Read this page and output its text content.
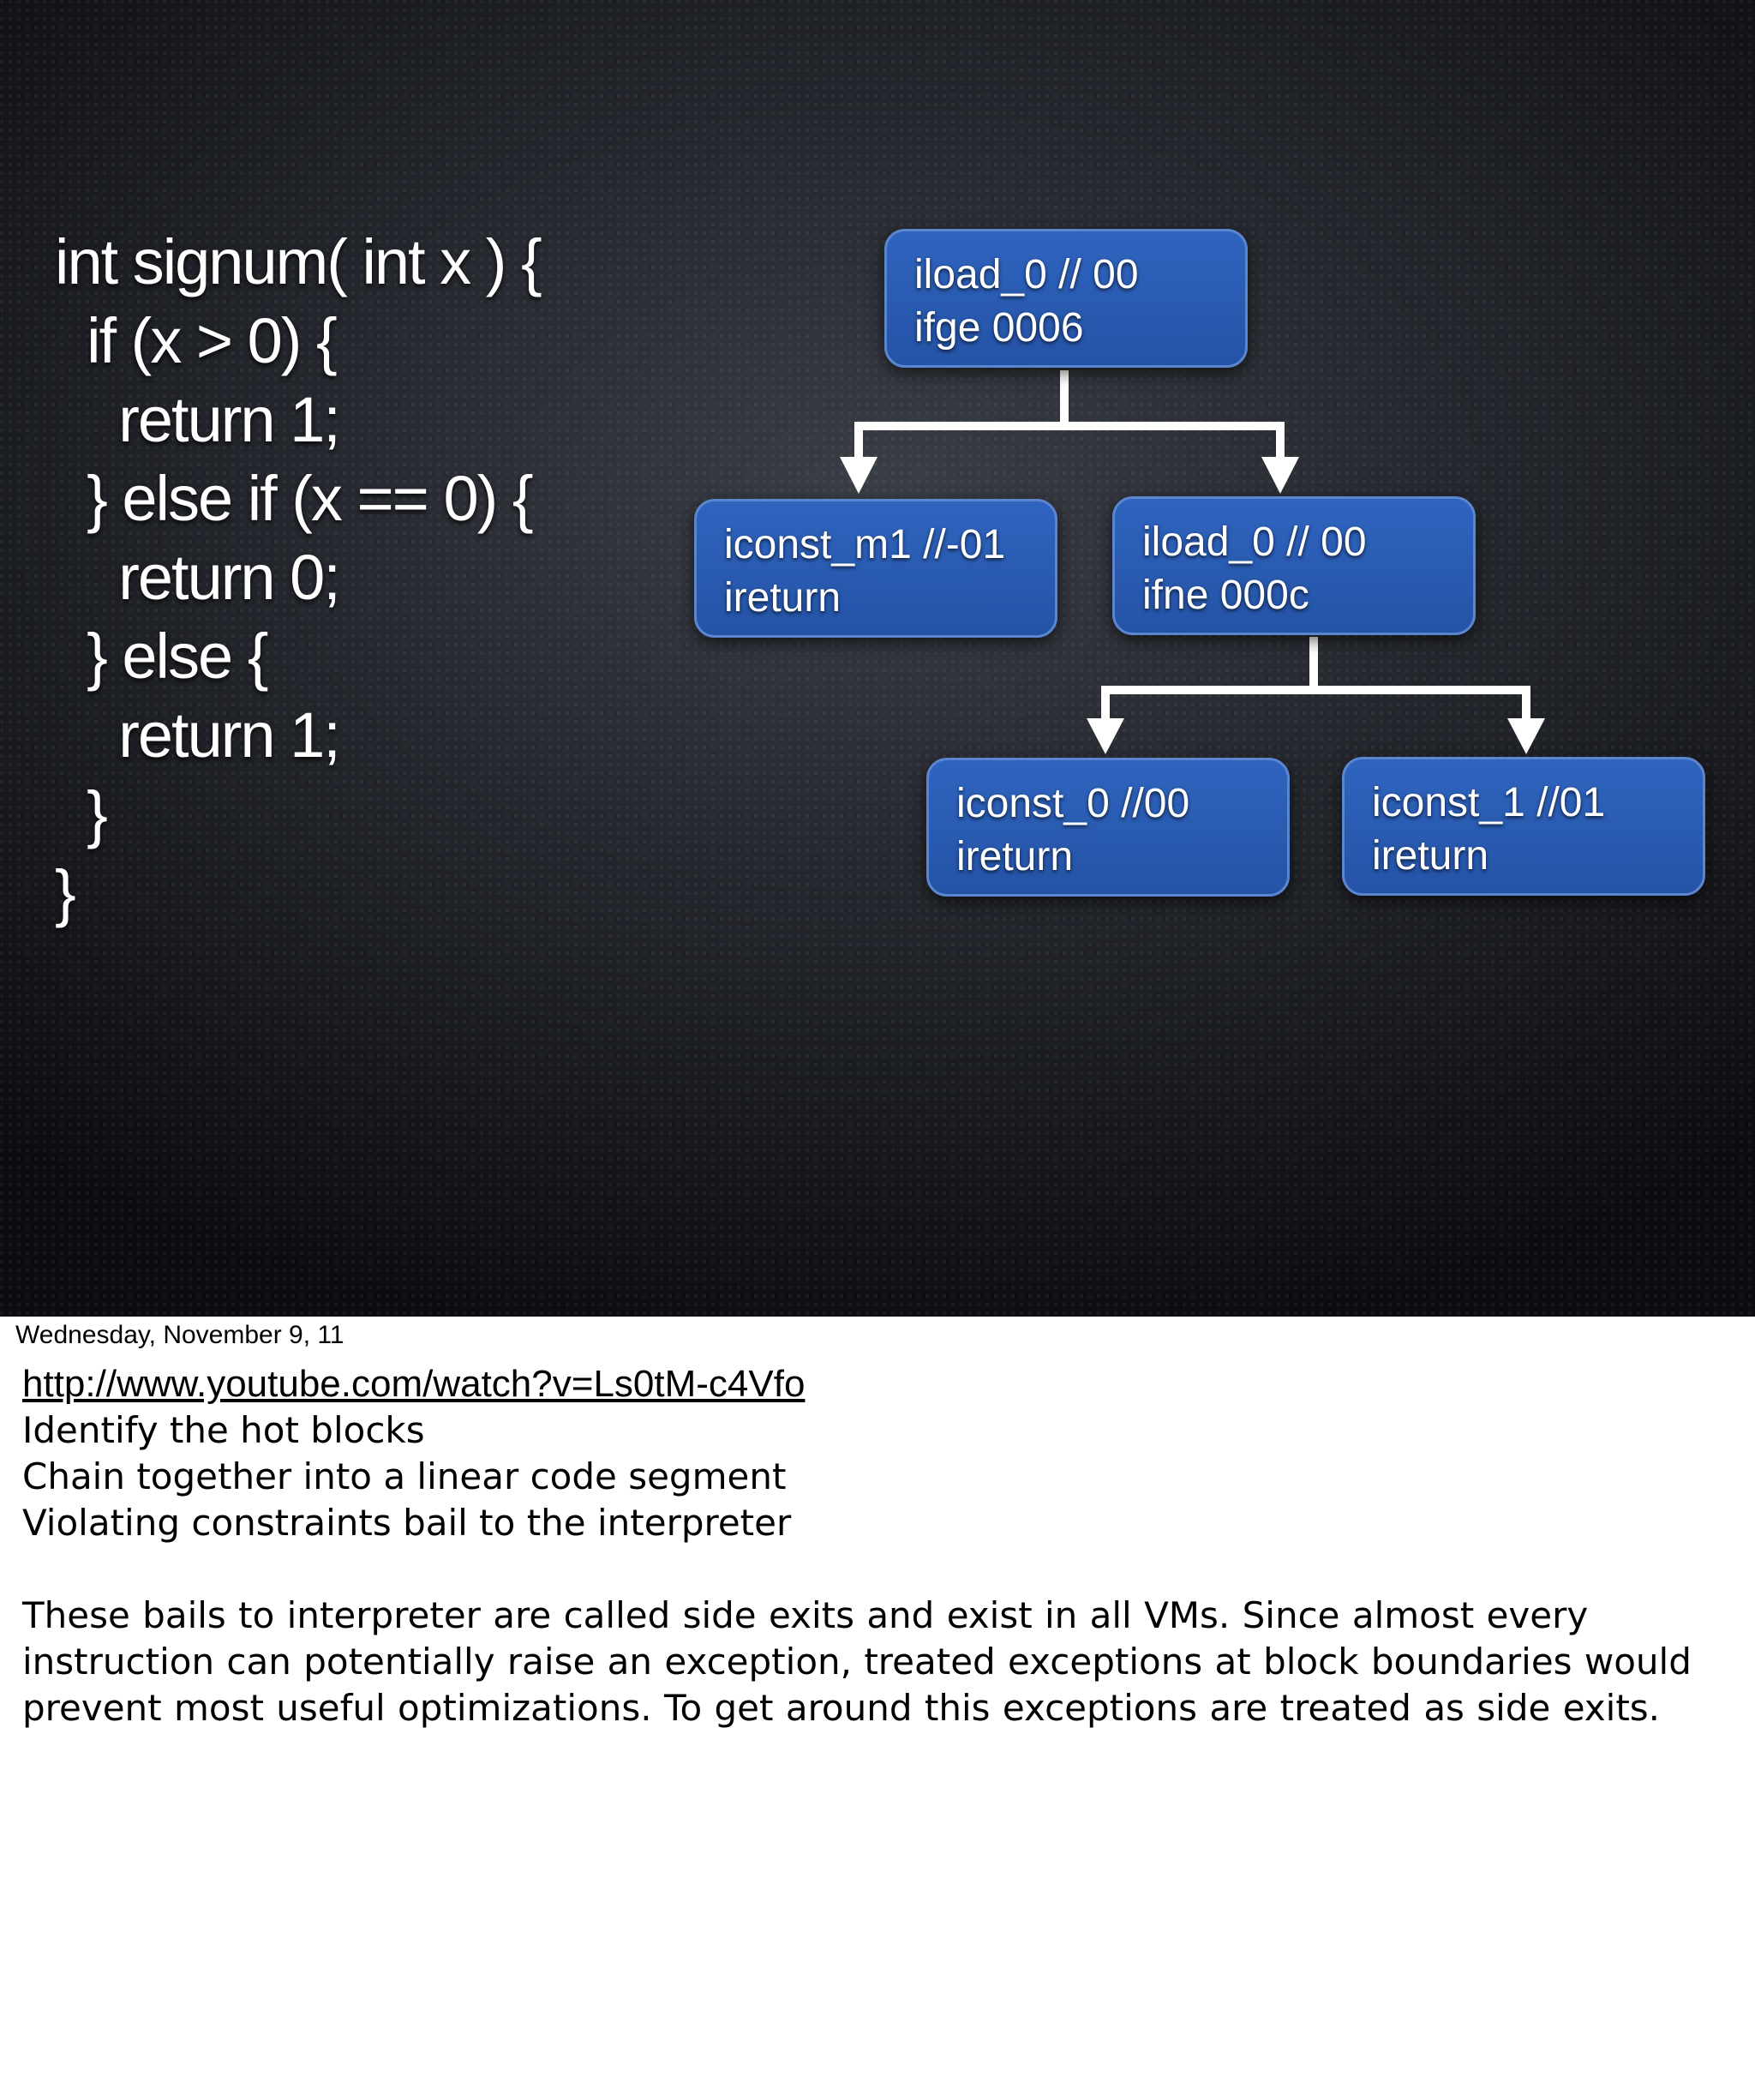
int signum( int x ) {
if (x > 0) {
return 1;
} else if (x == 0) {
return 0;
} else {
return 1;
}
}
iload_0 // 00
ifge 0006
iconst_m1 //-01
ireturn
iload_0 // 00
ifne 000c
iconst_0 //00
ireturn
iconst_1 //01
ireturn
Wednesday, November 9, 11
http://www.youtube.com/watch?v=Ls0tM-c4Vfo
Identify the hot blocks
Chain together into a linear code segment
Violating constraints bail to the interpreter
These bails to interpreter are called side exits and exist in all VMs. Since almost every instruction can potentially raise an exception, treated exceptions at block boundaries would prevent most useful optimizations. To get around this exceptions are treated as side exits.
